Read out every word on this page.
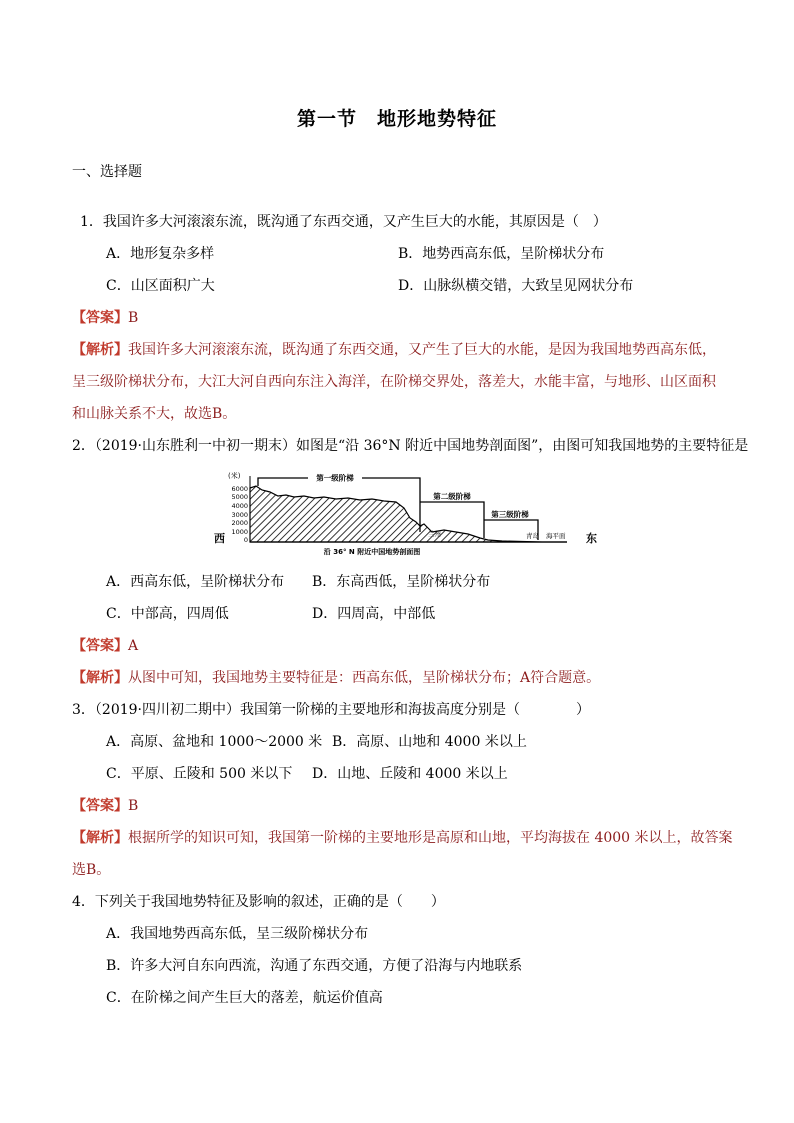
第一节　地形地势特征
一、选择题
1．我国许多大河滚滚东流，既沟通了东西交通，又产生巨大的水能，其原因是（　）
A．地形复杂多样	B．地势西高东低，呈阶梯状分布
C．山区面积广大	D．山脉纵横交错，大致呈见网状分布
【答案】B
【解析】我国许多大河滚滚东流，既沟通了东西交通，又产生了巨大的水能，是因为我国地势西高东低，
呈三级阶梯状分布，大江大河自西向东注入海洋，在阶梯交界处，落差大，水能丰富，与地形、山区面积
和山脉关系不大，故选B。
2．（2019·山东胜利一中初一期末）如图是“沿 36°N 附近中国地势剖面图”，由图可知我国地势的主要特征是
(米)
6000
5000
4000
3000
2000
1000
0
第一级阶梯
第二级阶梯
第三级阶梯
兰州	青岛 海平面
西	东
沿 36° N 附近中国地势剖面图
A．西高东低，呈阶梯状分布 B．东高西低，呈阶梯状分布
C．中部高，四周低	D．四周高，中部低
【答案】A
【解析】从图中可知，我国地势主要特征是：西高东低，呈阶梯状分布；A符合题意。
3．（2019·四川初二期中）我国第一阶梯的主要地形和海拔高度分别是（　　　　）
A．高原、盆地和 1000～2000 米 B．高原、山地和 4000 米以上
C．平原、丘陵和 500 米以下 D．山地、丘陵和 4000 米以上
【答案】B
【解析】根据所学的知识可知，我国第一阶梯的主要地形是高原和山地，平均海拔在 4000 米以上，故答案
选B。
4．下列关于我国地势特征及影响的叙述，正确的是（　　）
A．我国地势西高东低，呈三级阶梯状分布
B．许多大河自东向西流，沟通了东西交通，方便了沿海与内地联系
C．在阶梯之间产生巨大的落差，航运价值高
